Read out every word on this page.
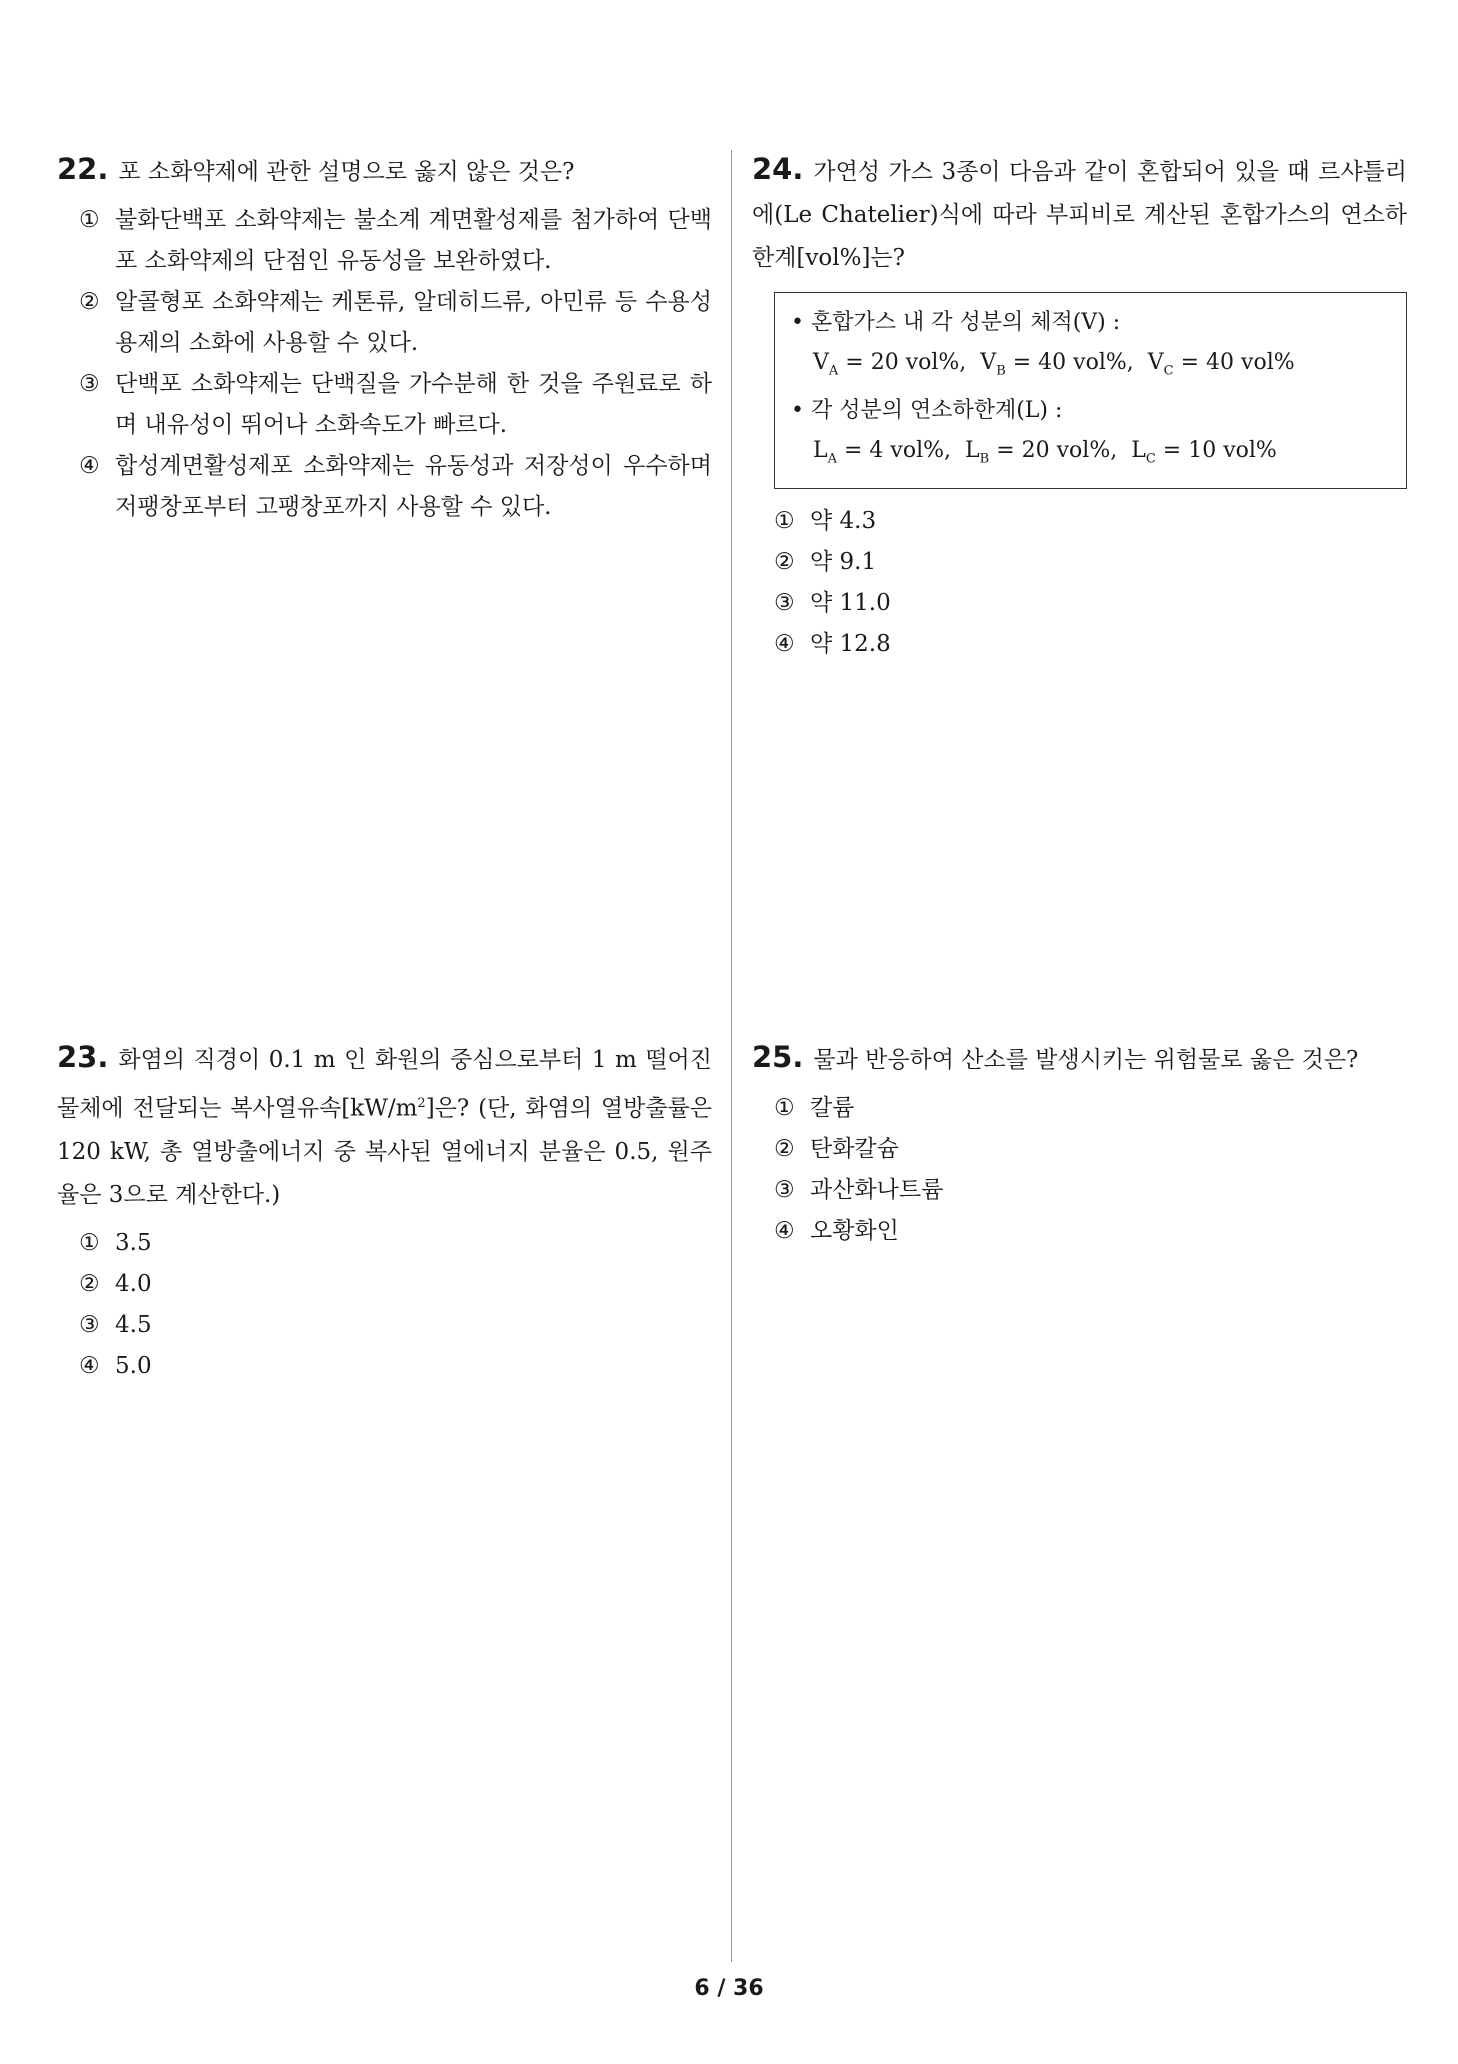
22. 포 소화약제에 관한 설명으로 옳지 않은 것은?
① 불화단백포 소화약제는 불소계 계면활성제를 첨가하여 단백포 소화약제의 단점인 유동성을 보완하였다.
② 알콜형포 소화약제는 케톤류, 알데히드류, 아민류 등 수용성 용제의 소화에 사용할 수 있다.
③ 단백포 소화약제는 단백질을 가수분해 한 것을 주원료로 하며 내유성이 뛰어나 소화속도가 빠르다.
④ 합성계면활성제포 소화약제는 유동성과 저장성이 우수하며 저팽창포부터 고팽창포까지 사용할 수 있다.
23. 화염의 직경이 0.1 m 인 화원의 중심으로부터 1 m 떨어진 물체에 전달되는 복사열유속$[kW/m^2]$은? (단, 화염의 열방출률은 120 kW, 총 열방출에너지 중 복사된 열에너지 분율은 0.5, 원주율은 3으로 계산한다.)
① 3.5
② 4.0
③ 4.5
④ 5.0
24. 가연성 가스 3종이 다음과 같이 혼합되어 있을 때 르샤틀리에(Le Chatelier)식에 따라 부피비로 계산된 혼합가스의 연소하한계[vol%]는?
• 혼합가스 내 각 성분의 체적(V) :
$V_A = 20$ vol%, $V_B = 40$ vol%, $V_C = 40$ vol%
• 각 성분의 연소하한계(L) :
$L_A = 4$ vol%, $L_B = 20$ vol%, $L_C = 10$ vol%
① 약 4.3
② 약 9.1
③ 약 11.0
④ 약 12.8
25. 물과 반응하여 산소를 발생시키는 위험물로 옳은 것은?
① 칼륨
② 탄화칼슘
③ 과산화나트륨
④ 오황화인
6 / 36
